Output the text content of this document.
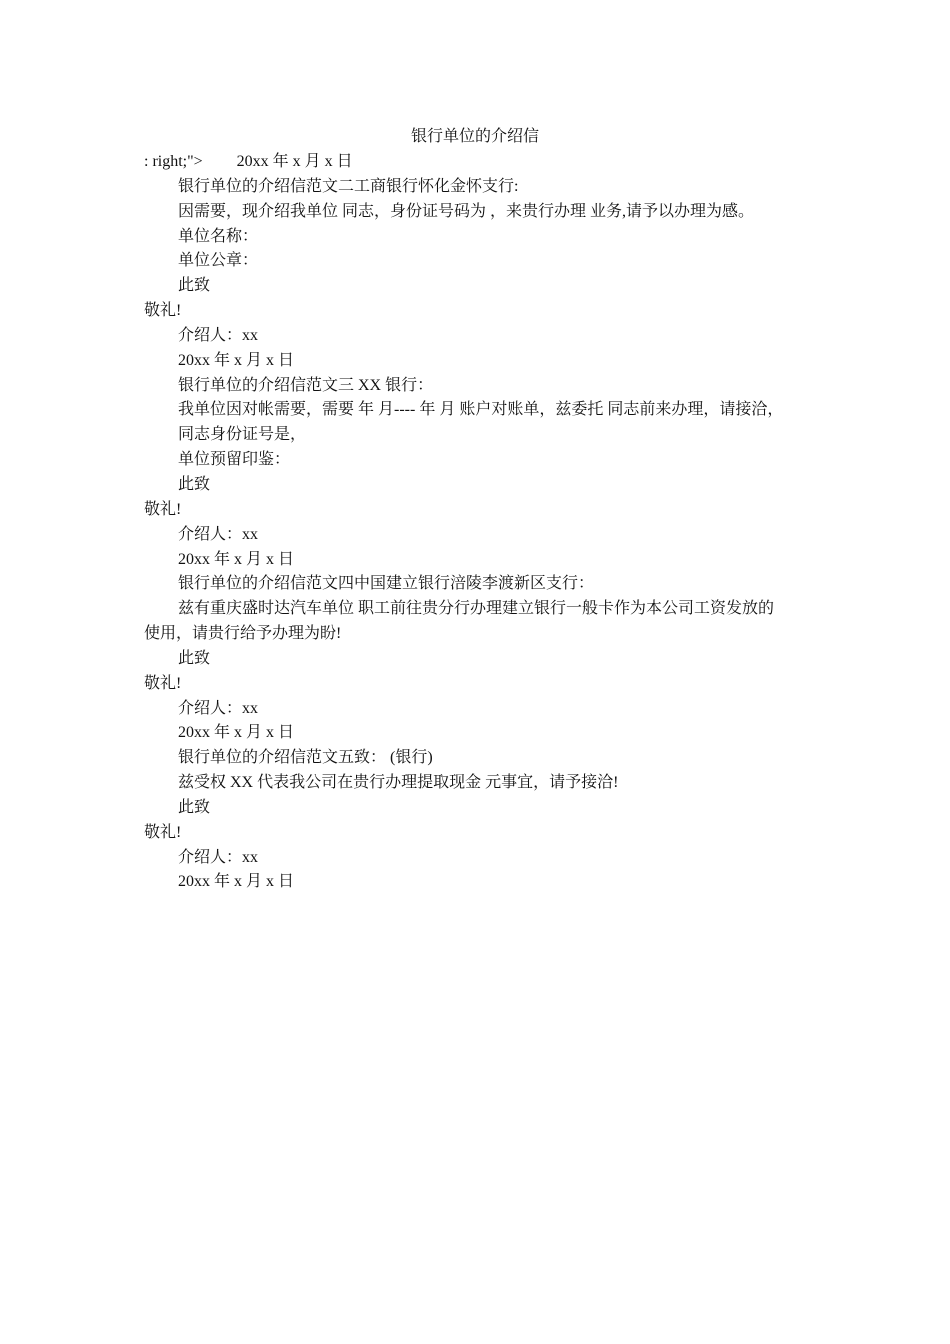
银行单位的介绍信
: right;"> 20xx 年 x 月 x 日
银行单位的介绍信范文二工商银行怀化金怀支行:
因需要，现介绍我单位 同志，身份证号码为 ，来贵行办理 业务,请予以办理为感。
单位名称：
单位公章：
此致
敬礼!
介绍人：xx
20xx 年 x 月 x 日
银行单位的介绍信范文三 XX 银行：
我单位因对帐需要，需要 年 月---- 年 月 账户对账单，兹委托 同志前来办理，请接洽，
同志身份证号是，
单位预留印鉴：
此致
敬礼!
介绍人：xx
20xx 年 x 月 x 日
银行单位的介绍信范文四中国建立银行涪陵李渡新区支行：
兹有重庆盛时达汽车单位 职工前往贵分行办理建立银行一般卡作为本公司工资发放的
使用，请贵行给予办理为盼!
此致
敬礼!
介绍人：xx
20xx 年 x 月 x 日
银行单位的介绍信范文五致： (银行)
兹受权 XX 代表我公司在贵行办理提取现金 元事宜，请予接洽!
此致
敬礼!
介绍人：xx
20xx 年 x 月 x 日
